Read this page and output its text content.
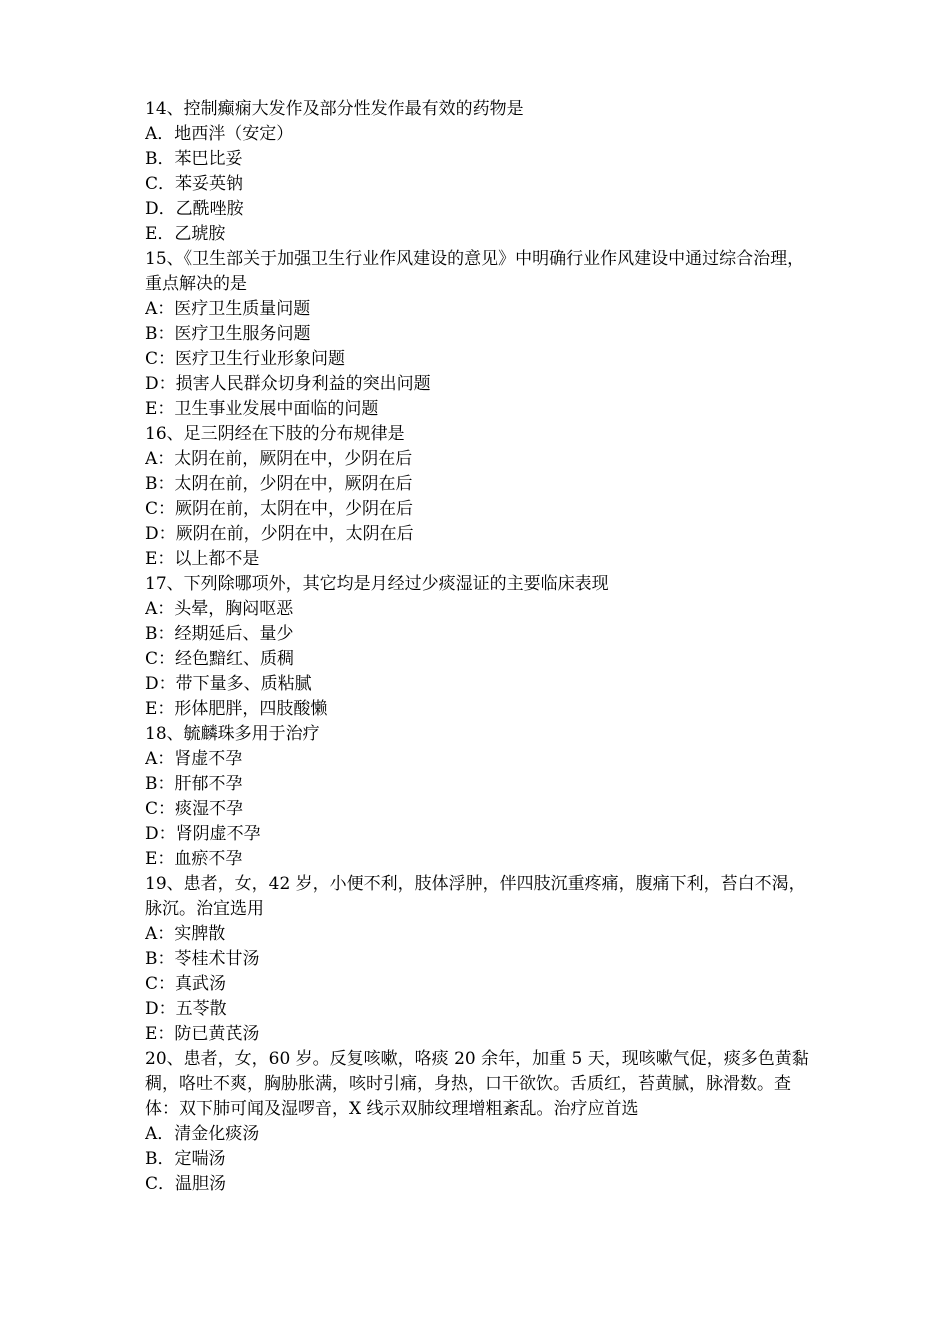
14、控制癫痫大发作及部分性发作最有效的药物是
A．地西泮（安定）
B．苯巴比妥
C．苯妥英钠
D．乙酰唑胺
E．乙琥胺
15、《卫生部关于加强卫生行业作风建设的意见》中明确行业作风建设中通过综合治理，重点解决的是
A：医疗卫生质量问题
B：医疗卫生服务问题
C：医疗卫生行业形象问题
D：损害人民群众切身利益的突出问题
E：卫生事业发展中面临的问题
16、足三阴经在下肢的分布规律是
A：太阴在前，厥阴在中，少阴在后
B：太阴在前，少阴在中，厥阴在后
C：厥阴在前，太阴在中，少阴在后
D：厥阴在前，少阴在中，太阴在后
E：以上都不是
17、下列除哪项外，其它均是月经过少痰湿证的主要临床表现
A：头晕，胸闷呕恶
B：经期延后、量少
C：经色黯红、质稠
D：带下量多、质粘腻
E：形体肥胖，四肢酸懒
18、毓麟珠多用于治疗
A：肾虚不孕
B：肝郁不孕
C：痰湿不孕
D：肾阴虚不孕
E：血瘀不孕
19、患者，女，42 岁，小便不利，肢体浮肿，伴四肢沉重疼痛，腹痛下利，苔白不渴，脉沉。治宜选用
A：实脾散
B：苓桂术甘汤
C：真武汤
D：五苓散
E：防已黄芪汤
20、患者，女，60 岁。反复咳嗽，咯痰 20 余年，加重 5 天，现咳嗽气促，痰多色黄黏稠，咯吐不爽，胸胁胀满，咳时引痛，身热，口干欲饮。舌质红，苔黄腻，脉滑数。查体：双下肺可闻及湿啰音，X 线示双肺纹理增粗紊乱。治疗应首选
A．清金化痰汤
B．定喘汤
C．温胆汤
